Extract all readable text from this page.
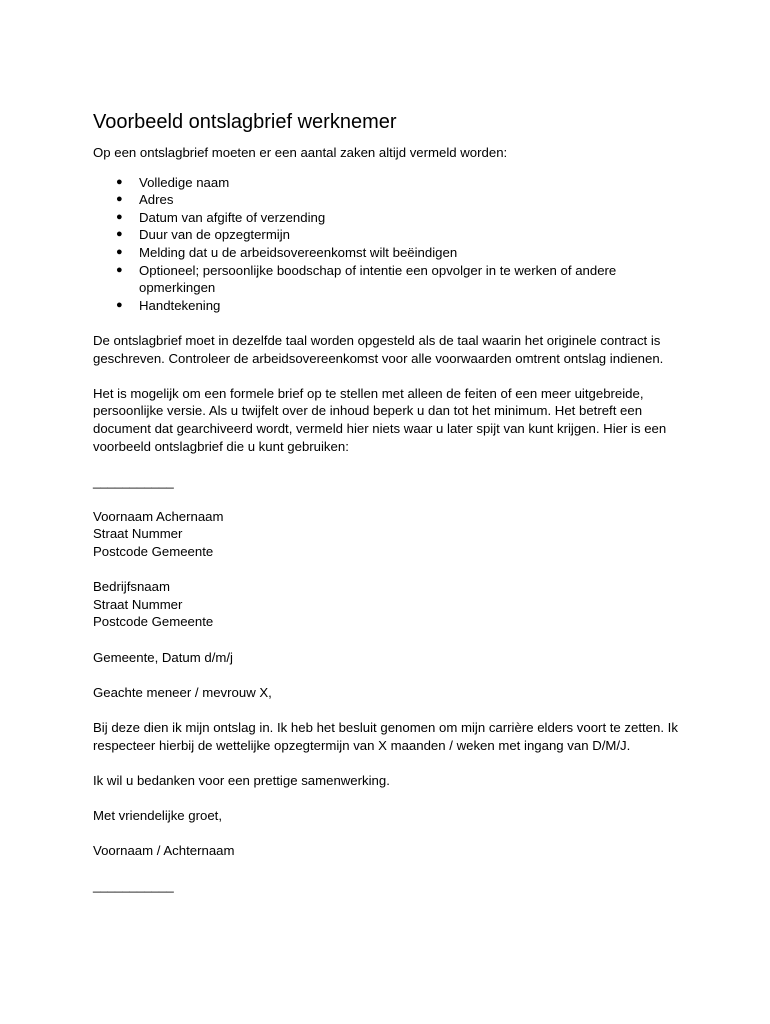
Voorbeeld ontslagbrief werknemer

Op een ontslagbrief moeten er een aantal zaken altijd vermeld worden:

● Volledige naam
● Adres
● Datum van afgifte of verzending
● Duur van de opzegtermijn
● Melding dat u de arbeidsovereenkomst wilt beëindigen
● Optioneel; persoonlijke boodschap of intentie een opvolger in te werken of andere opmerkingen
● Handtekening

De ontslagbrief moet in dezelfde taal worden opgesteld als de taal waarin het originele contract is geschreven. Controleer de arbeidsovereenkomst voor alle voorwaarden omtrent ontslag indienen.

Het is mogelijk om een formele brief op te stellen met alleen de feiten of een meer uitgebreide, persoonlijke versie. Als u twijfelt over de inhoud beperk u dan tot het minimum. Het betreft een document dat gearchiveerd wordt, vermeld hier niets waar u later spijt van kunt krijgen. Hier is een voorbeeld ontslagbrief die u kunt gebruiken:

___________

Voornaam Achernaam

Straat Nummer

Postcode Gemeente

Bedrijfsnaam

Straat Nummer

Postcode Gemeente

Gemeente, Datum d/m/j

Geachte meneer / mevrouw X,

Bij deze dien ik mijn ontslag in. Ik heb het besluit genomen om mijn carrière elders voort te zetten. Ik respecteer hierbij de wettelijke opzegtermijn van X maanden / weken met ingang van D/M/J.

Ik wil u bedanken voor een prettige samenwerking.

Met vriendelijke groet,

Voornaam / Achternaam

___________
